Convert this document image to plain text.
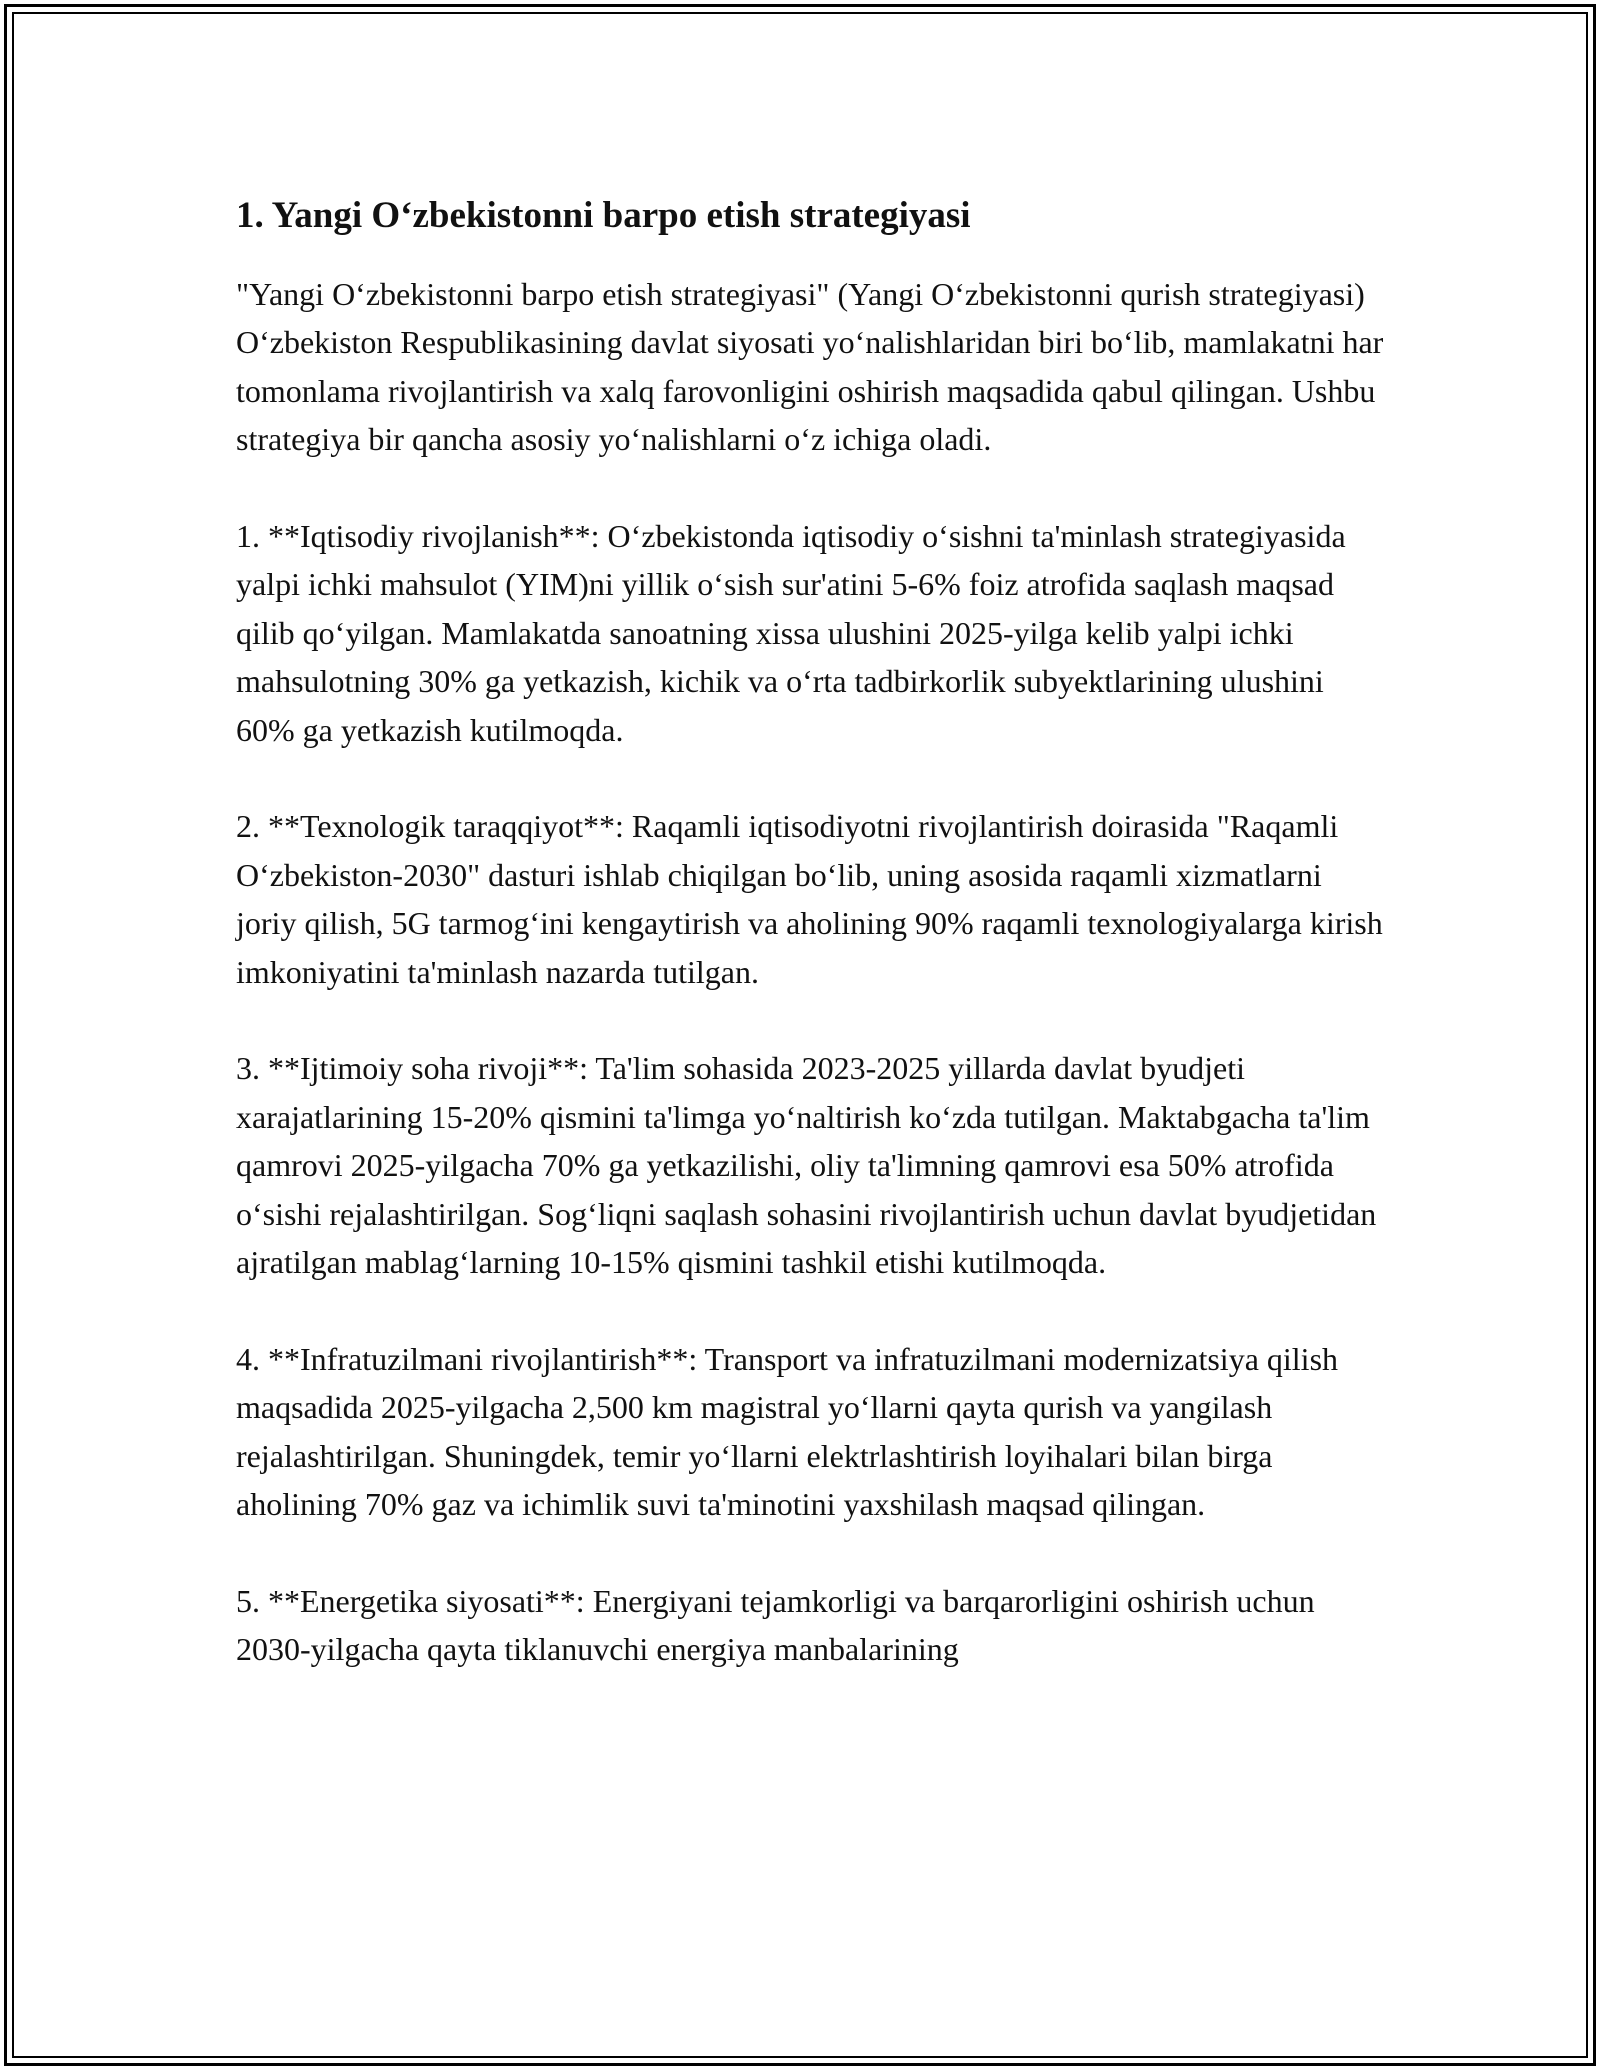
1. Yangi O‘zbekistonni barpo etish strategiyasi

"Yangi O‘zbekistonni barpo etish strategiyasi" (Yangi O‘zbekistonni qurish strategiyasi) O‘zbekiston Respublikasining davlat siyosati yo‘nalishlaridan biri bo‘lib, mamlakatni har tomonlama rivojlantirish va xalq farovonligini oshirish maqsadida qabul qilingan. Ushbu strategiya bir qancha asosiy yo‘nalishlarni o‘z ichiga oladi.

1. **Iqtisodiy rivojlanish**: O‘zbekistonda iqtisodiy o‘sishni ta'minlash strategiyasida yalpi ichki mahsulot (YIM)ni yillik o‘sish sur'atini 5-6% foiz atrofida saqlash maqsad qilib qo‘yilgan. Mamlakatda sanoatning xissa ulushini 2025-yilga kelib yalpi ichki mahsulotning 30% ga yetkazish, kichik va o‘rta tadbirkorlik subyektlarining ulushini 60% ga yetkazish kutilmoqda.

2. **Texnologik taraqqiyot**: Raqamli iqtisodiyotni rivojlantirish doirasida "Raqamli O‘zbekiston-2030" dasturi ishlab chiqilgan bo‘lib, uning asosida raqamli xizmatlarni joriy qilish, 5G tarmog‘ini kengaytirish va aholining 90% raqamli texnologiyalarga kirish imkoniyatini ta'minlash nazarda tutilgan.

3. **Ijtimoiy soha rivoji**: Ta'lim sohasida 2023-2025 yillarda davlat byudjeti xarajatlarining 15-20% qismini ta'limga yo‘naltirish ko‘zda tutilgan. Maktabgacha ta'lim qamrovi 2025-yilgacha 70% ga yetkazilishi, oliy ta'limning qamrovi esa 50% atrofida o‘sishi rejalashtirilgan. Sog‘liqni saqlash sohasini rivojlantirish uchun davlat byudjetidan ajratilgan mablag‘larning 10-15% qismini tashkil etishi kutilmoqda.

4. **Infratuzilmani rivojlantirish**: Transport va infratuzilmani modernizatsiya qilish maqsadida 2025-yilgacha 2,500 km magistral yo‘llarni qayta qurish va yangilash rejalashtirilgan. Shuningdek, temir yo‘llarni elektrlashtirish loyihalari bilan birga aholining 70% gaz va ichimlik suvi ta'minotini yaxshilash maqsad qilingan.

5. **Energetika siyosati**: Energiyani tejamkorligi va barqarorligini oshirish uchun 2030-yilgacha qayta tiklanuvchi energiya manbalarining
